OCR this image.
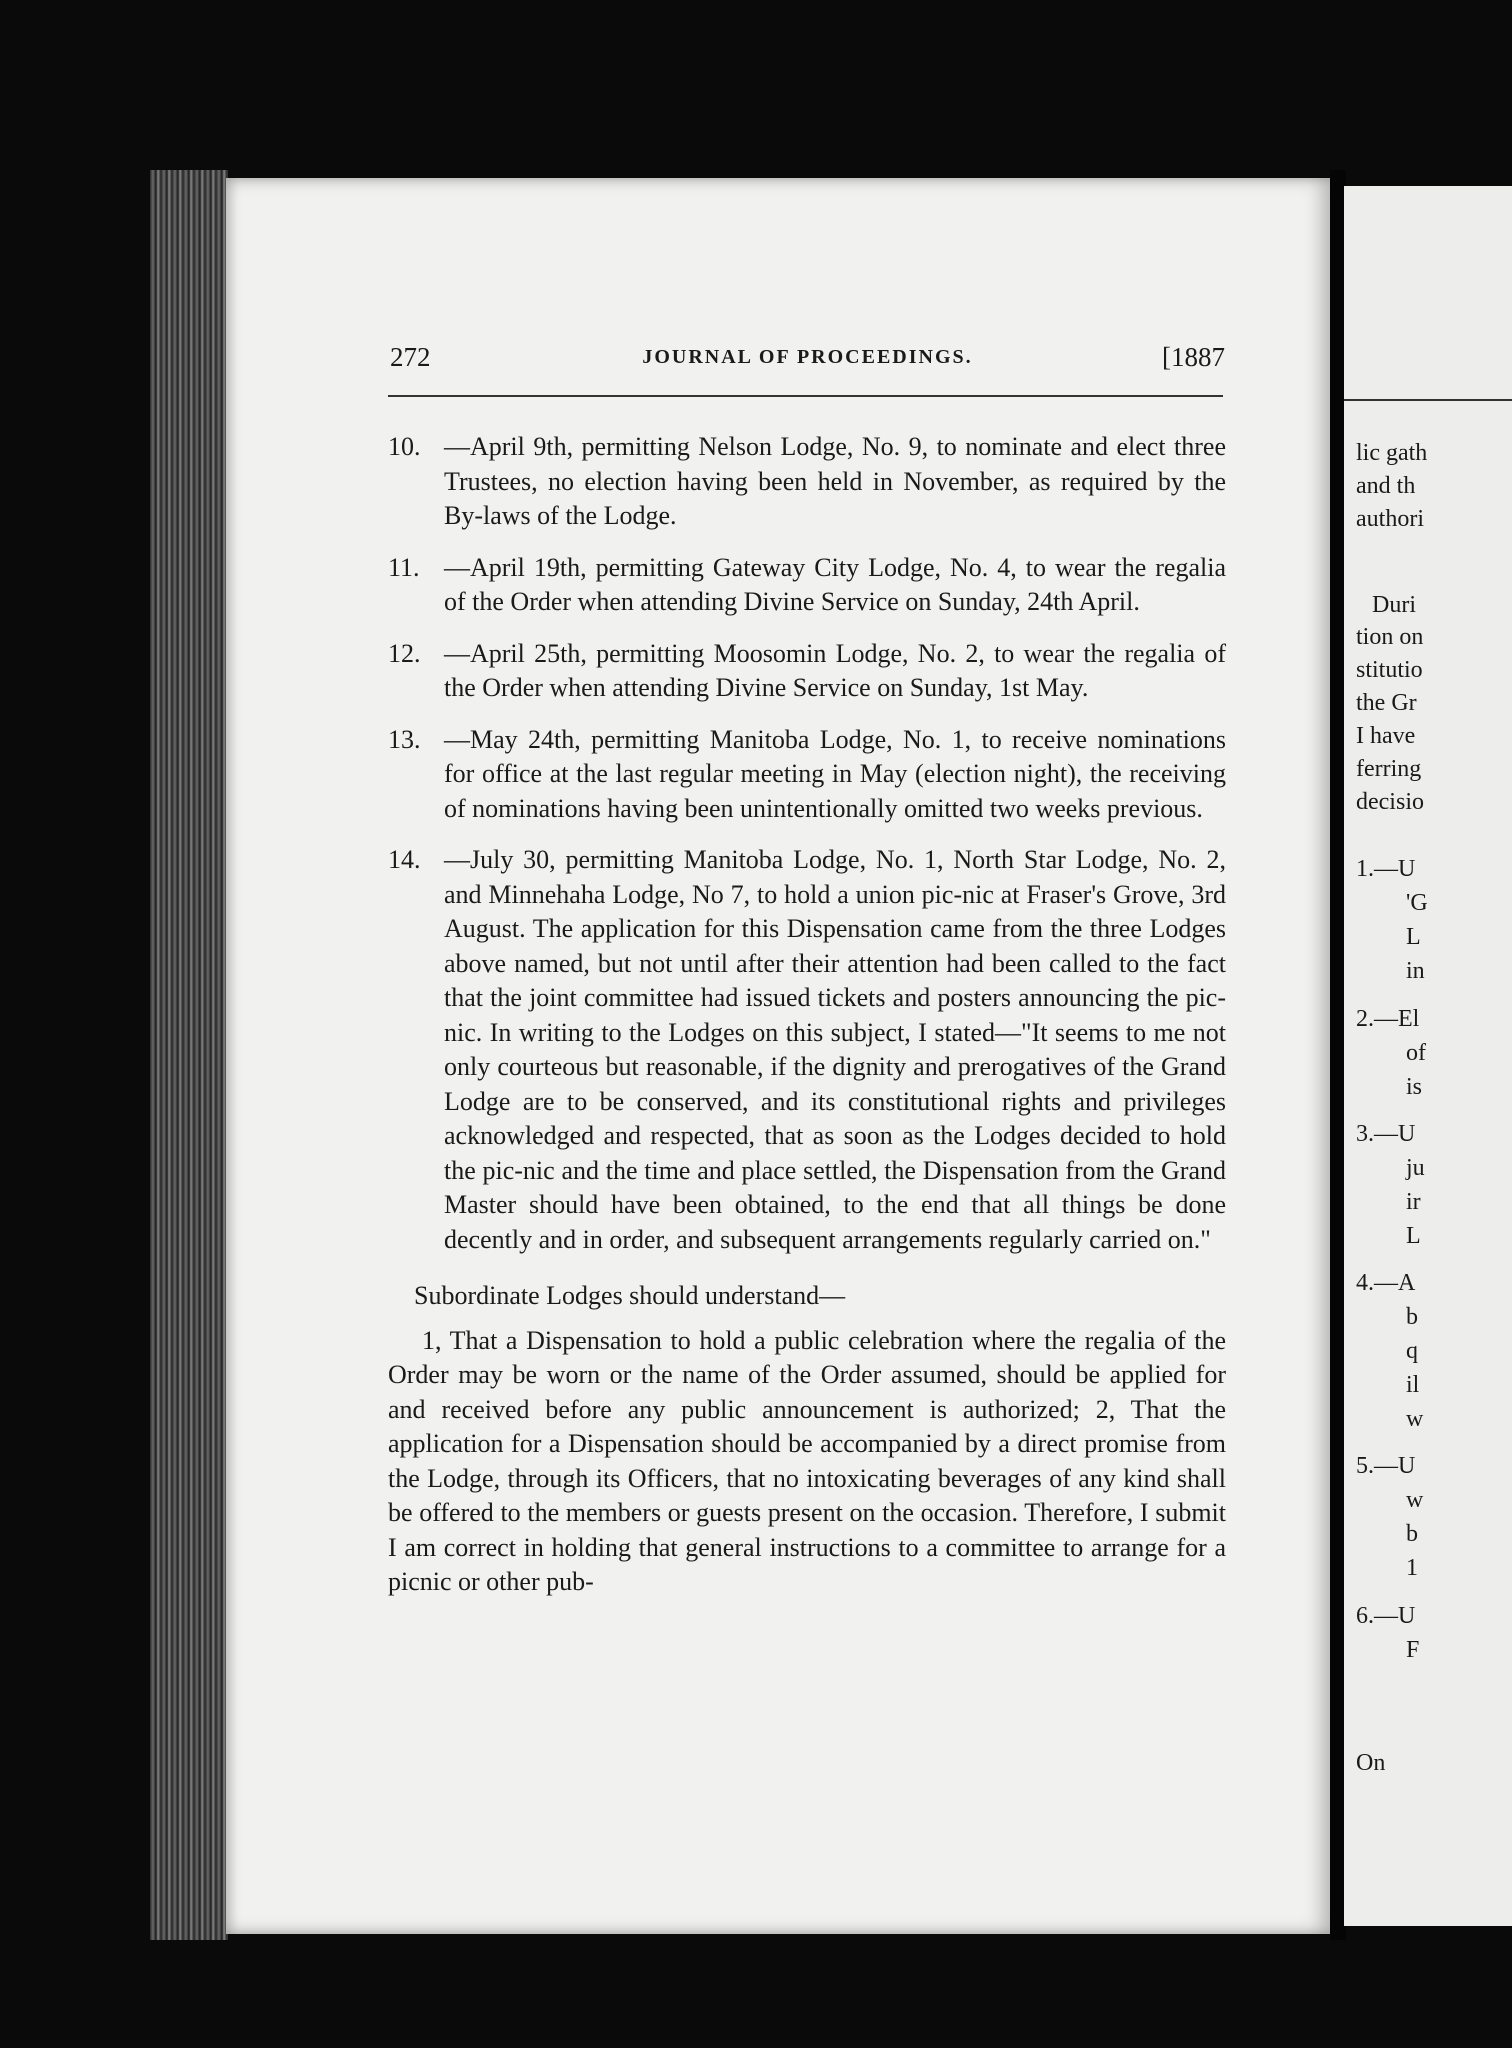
272	JOURNAL OF PROCEEDINGS.	[1887
10. —April 9th, permitting Nelson Lodge, No. 9, to nominate and elect three Trustees, no election having been held in November, as required by the By-laws of the Lodge.
11. —April 19th, permitting Gateway City Lodge, No. 4, to wear the regalia of the Order when attending Divine Service on Sunday, 24th April.
12. —April 25th, permitting Moosomin Lodge, No. 2, to wear the regalia of the Order when attending Divine Service on Sunday, 1st May.
13. —May 24th, permitting Manitoba Lodge, No. 1, to receive nominations for office at the last regular meeting in May (election night), the receiving of nominations having been unintentionally omitted two weeks previous.
14. —July 30, permitting Manitoba Lodge, No. 1, North Star Lodge, No. 2, and Minnehaha Lodge, No 7, to hold a union pic-nic at Fraser's Grove, 3rd August. The application for this Dispensation came from the three Lodges above named, but not until after their attention had been called to the fact that the joint committee had issued tickets and posters announcing the pic-nic. In writing to the Lodges on this subject, I stated—"It seems to me not only courteous but reasonable, if the dignity and prerogatives of the Grand Lodge are to be conserved, and its constitutional rights and privileges acknowledged and respected, that as soon as the Lodges decided to hold the pic-nic and the time and place settled, the Dispensation from the Grand Master should have been obtained, to the end that all things be done decently and in order, and subsequent arrangements regularly carried on."
Subordinate Lodges should understand—
1, That a Dispensation to hold a public celebration where the regalia of the Order may be worn or the name of the Order assumed, should be applied for and received before any public announcement is authorized; 2, That the application for a Dispensation should be accompanied by a direct promise from the Lodge, through its Officers, that no intoxicating beverages of any kind shall be offered to the members or guests present on the occasion. Therefore, I submit I am correct in holding that general instructions to a committee to arrange for a picnic or other pub-
lic gath
and th
authori
Duri
tion on
stitutio
the Gr
I have
ferring
decisio
1.—U
'G
L
in
2.—El
of
is
3.—U
ju
ir
L
4.—A
b
q
il
w
5.—U
w
b
1
6.—U
F
On
